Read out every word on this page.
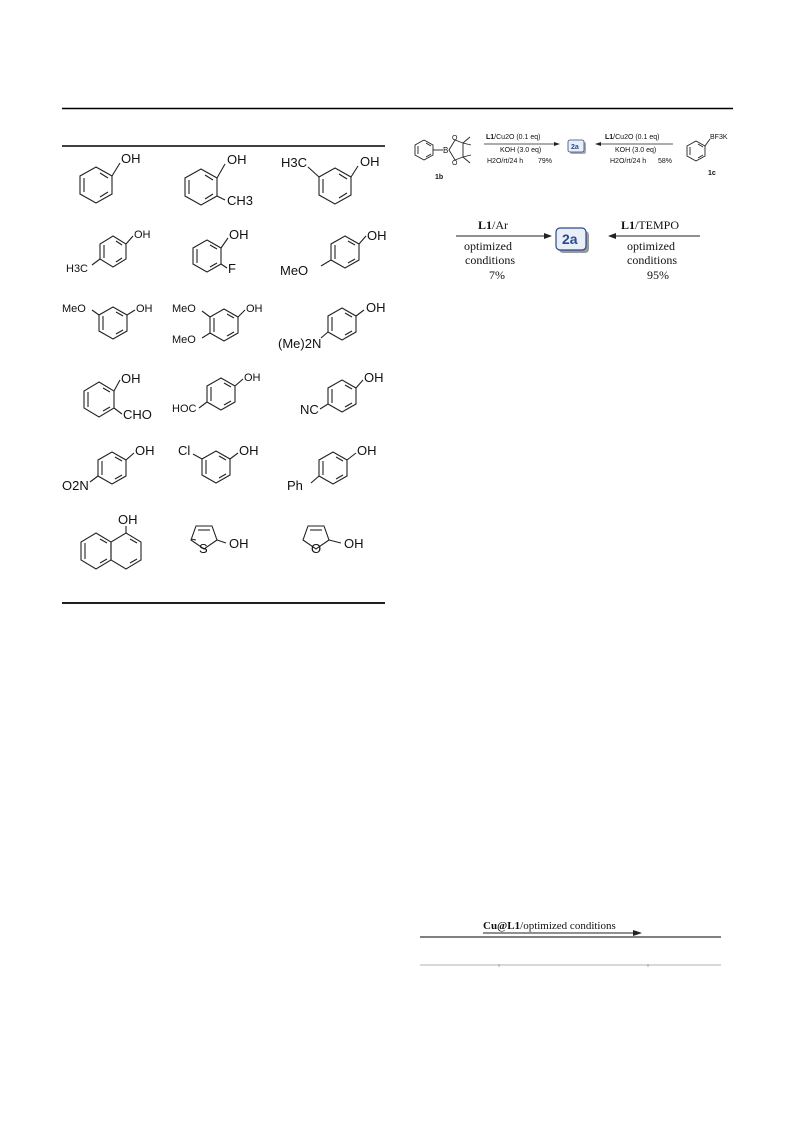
OH	OH
CH3
H3C	OH
OH
H3C
OH
F
OH
MeO
MeO	OH MeO
MeO
OH	OH
(Me)2N
OH
CHO
OH
HOC
OH
NC
OH
O2N
Cl	OH	OH
Ph
OH
S OH	O OH
B
O
O
1b
BF3K
1c
L1/Cu2O (0.1 eq)
KOH (3.0 eq)
H2O/rt/24 h 79%
2a
L1/Cu2O (0.1 eq)
KOH (3.0 eq)
H2O/rt/24 h 58%
L1/Ar
optimized
conditions
7%
L1/TEMPO
optimized
conditions
95%
2a
Cu@L1/optimized conditions
